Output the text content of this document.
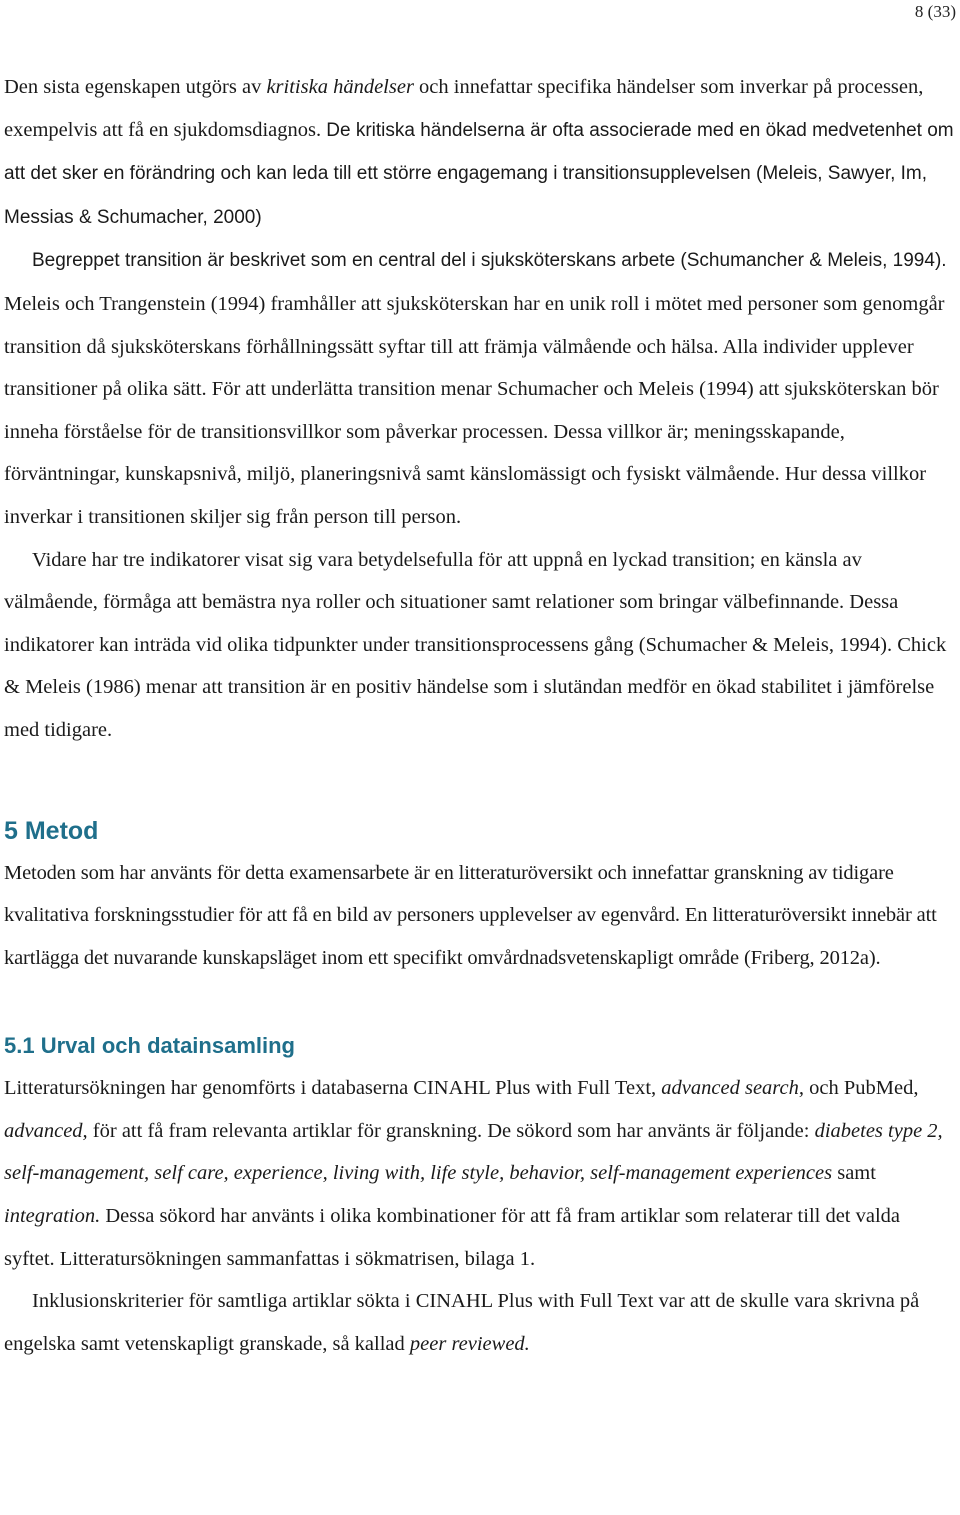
8 (33)

Den sista egenskapen utgörs av kritiska händelser och innefattar specifika händelser som inverkar på processen, exempelvis att få en sjukdomsdiagnos. De kritiska händelserna är ofta associerade med en ökad medvetenhet om att det sker en förändring och kan leda till ett större engagemang i transitionsupplevelsen (Meleis, Sawyer, Im, Messias & Schumacher, 2000)

Begreppet transition är beskrivet som en central del i sjuksköterskans arbete (Schumancher & Meleis, 1994). Meleis och Trangenstein (1994) framhåller att sjuksköterskan har en unik roll i mötet med personer som genomgår transition då sjuksköterskans förhållningssätt syftar till att främja välmående och hälsa. Alla individer upplever transitioner på olika sätt. För att underlätta transition menar Schumacher och Meleis (1994) att sjuksköterskan bör inneha förståelse för de transitionsvillkor som påverkar processen. Dessa villkor är; meningsskapande, förväntningar, kunskapsnivå, miljö, planeringsnivå samt känslomässigt och fysiskt välmående. Hur dessa villkor inverkar i transitionen skiljer sig från person till person.

Vidare har tre indikatorer visat sig vara betydelsefulla för att uppnå en lyckad transition; en känsla av välmående, förmåga att bemästra nya roller och situationer samt relationer som bringar välbefinnande. Dessa indikatorer kan inträda vid olika tidpunkter under transitionsprocessens gång (Schumacher & Meleis, 1994). Chick & Meleis (1986) menar att transition är en positiv händelse som i slutändan medför en ökad stabilitet i jämförelse med tidigare.

5 Metod

Metoden som har använts för detta examensarbete är en litteraturöversikt och innefattar granskning av tidigare kvalitativa forskningsstudier för att få en bild av personers upplevelser av egenvård. En litteraturöversikt innebär att kartlägga det nuvarande kunskapsläget inom ett specifikt omvårdnadsvetenskapligt område (Friberg, 2012a).

5.1 Urval och datainsamling

Litteratursökningen har genomförts i databaserna CINAHL Plus with Full Text, advanced search, och PubMed, advanced, för att få fram relevanta artiklar för granskning. De sökord som har använts är följande: diabetes type 2, self-management, self care, experience, living with, life style, behavior, self-management experiences samt integration. Dessa sökord har använts i olika kombinationer för att få fram artiklar som relaterar till det valda syftet. Litteratursökningen sammanfattas i sökmatrisen, bilaga 1.

Inklusionskriterier för samtliga artiklar sökta i CINAHL Plus with Full Text var att de skulle vara skrivna på engelska samt vetenskapligt granskade, så kallad peer reviewed.
